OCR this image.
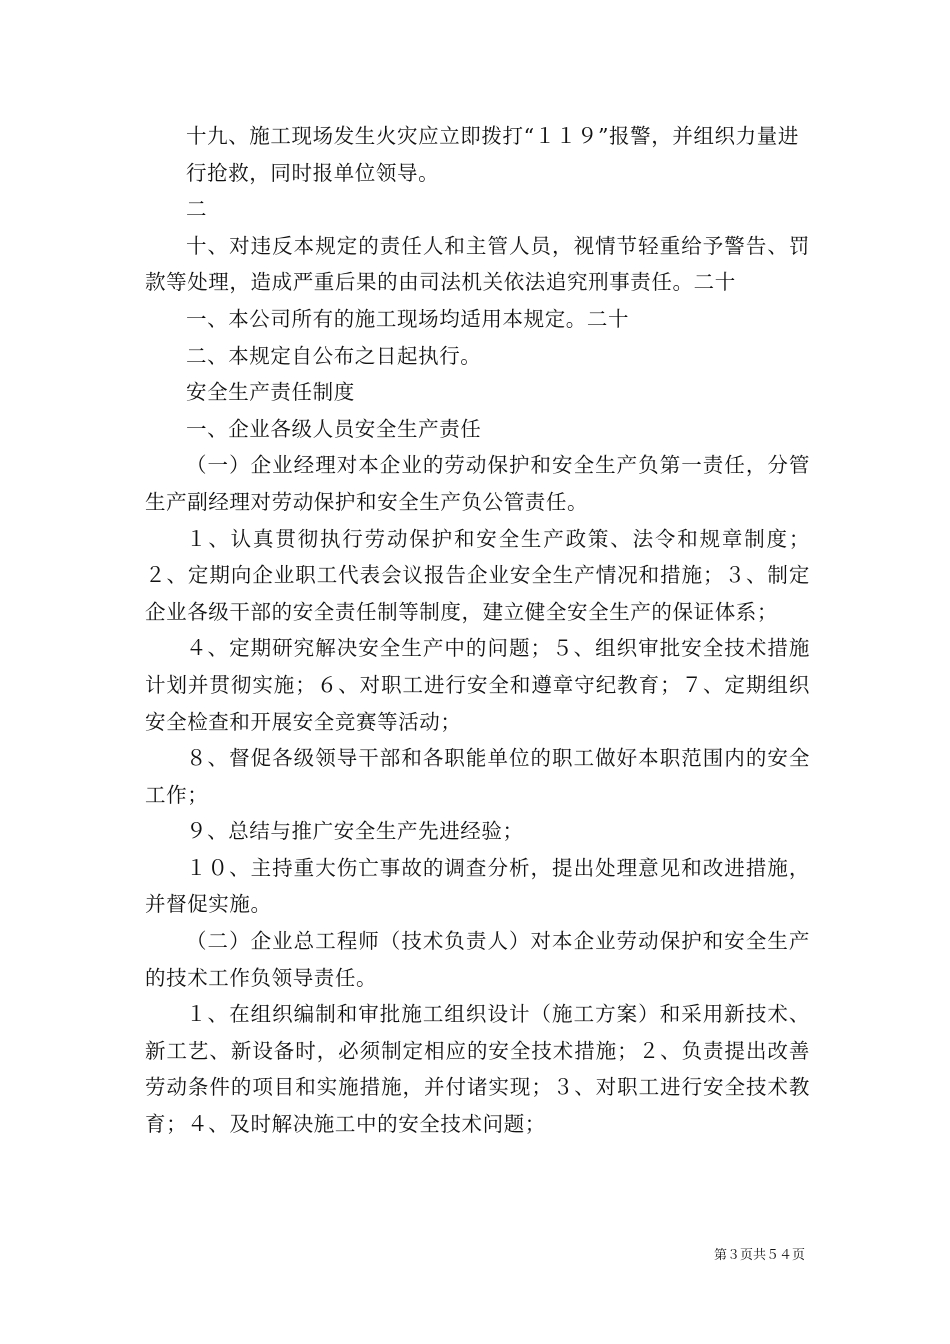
十九、施工现场发生火灾应立即拨打“１１９”报警，并组织力量进

行抢救，同时报单位领导。

二

十、对违反本规定的责任人和主管人员，视情节轻重给予警告、罚款等处理，造成严重后果的由司法机关依法追究刑事责任。二十

一、本公司所有的施工现场均适用本规定。二十

二、本规定自公布之日起执行。

安全生产责任制度

一、企业各级人员安全生产责任

（一）企业经理对本企业的劳动保护和安全生产负第一责任，分管生产副经理对劳动保护和安全生产负公管责任。

１、认真贯彻执行劳动保护和安全生产政策、法令和规章制度；２、定期向企业职工代表会议报告企业安全生产情况和措施；３、制定企业各级干部的安全责任制等制度，建立健全安全生产的保证体系；

４、定期研究解决安全生产中的问题；５、组织审批安全技术措施计划并贯彻实施；６、对职工进行安全和遵章守纪教育；７、定期组织安全检查和开展安全竞赛等活动；

８、督促各级领导干部和各职能单位的职工做好本职范围内的安全工作；

９、总结与推广安全生产先进经验；

１０、主持重大伤亡事故的调查分析，提出处理意见和改进措施，并督促实施。

（二）企业总工程师（技术负责人）对本企业劳动保护和安全生产的技术工作负领导责任。

１、在组织编制和审批施工组织设计（施工方案）和采用新技术、新工艺、新设备时，必须制定相应的安全技术措施；２、负责提出改善劳动条件的项目和实施措施，并付诸实现；３、对职工进行安全技术教育；４、及时解决施工中的安全技术问题；

第３页共５４页
